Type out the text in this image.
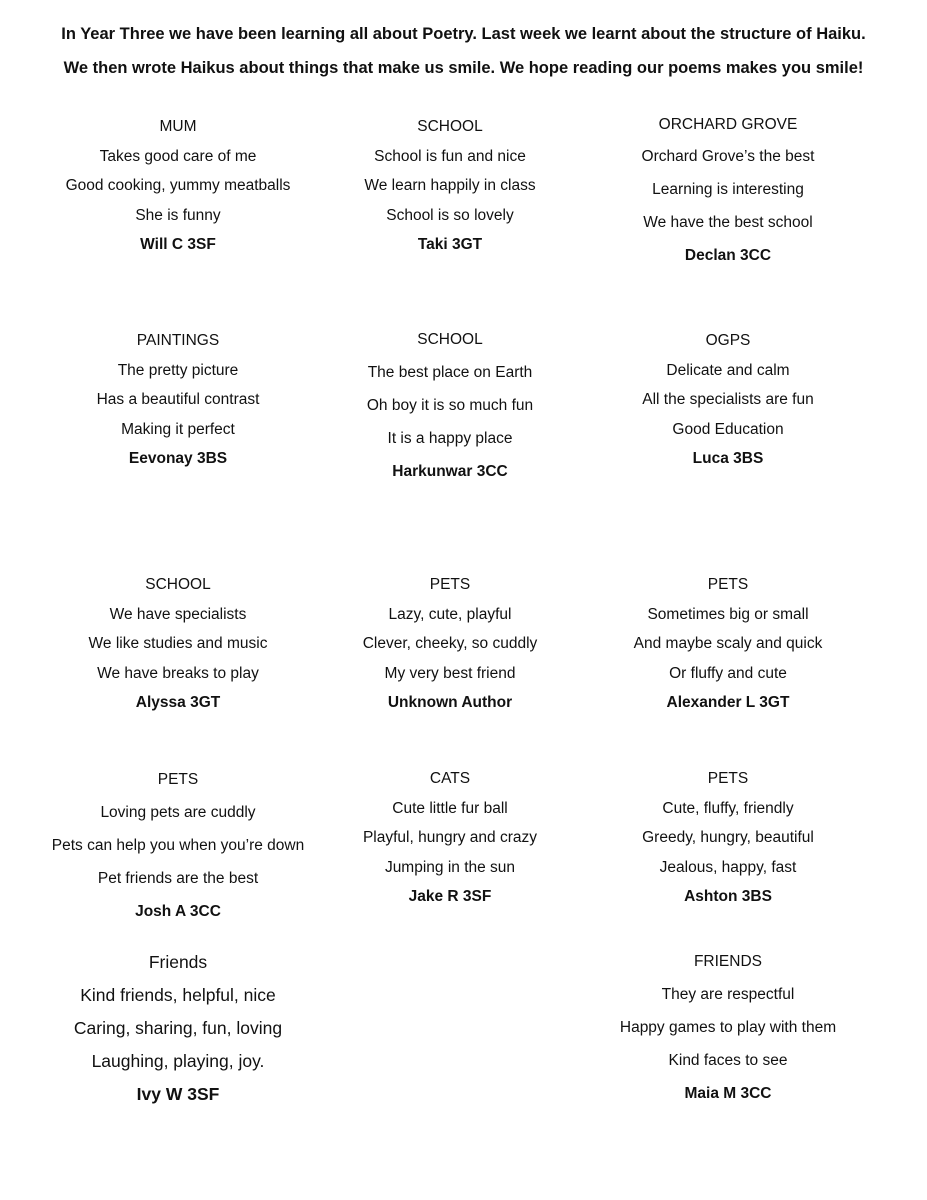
In Year Three we have been learning all about Poetry. Last week we learnt about the structure of Haiku.

We then wrote Haikus about things that make us smile. We hope reading our poems makes you smile!

MUM
Takes good care of me
Good cooking, yummy meatballs
She is funny
Will C 3SF
SCHOOL
School is fun and nice
We learn happily in class
School is so lovely
Taki 3GT
ORCHARD GROVE
Orchard Grove’s the best
Learning is interesting
We have the best school
Declan 3CC
PAINTINGS
The pretty picture
Has a beautiful contrast
Making it perfect
Eevonay 3BS
SCHOOL
The best place on Earth
Oh boy it is so much fun
It is a happy place
Harkunwar 3CC
OGPS
Delicate and calm
All the specialists are fun
Good Education
Luca 3BS
SCHOOL
We have specialists
We like studies and music
We have breaks to play
Alyssa 3GT
PETS
Lazy, cute, playful
Clever, cheeky, so cuddly
My very best friend
Unknown Author
PETS
Sometimes big or small
And maybe scaly and quick
Or fluffy and cute
Alexander L 3GT
PETS
Loving pets are cuddly
Pets can help you when you’re down
Pet friends are the best
Josh A 3CC
CATS
Cute little fur ball
Playful, hungry and crazy
Jumping in the sun
Jake R 3SF
PETS
Cute, fluffy, friendly
Greedy, hungry, beautiful
Jealous, happy, fast
Ashton 3BS
Friends
Kind friends, helpful, nice
Caring, sharing, fun, loving
Laughing, playing, joy.
Ivy W 3SF
FRIENDS
They are respectful
Happy games to play with them
Kind faces to see
Maia M 3CC
